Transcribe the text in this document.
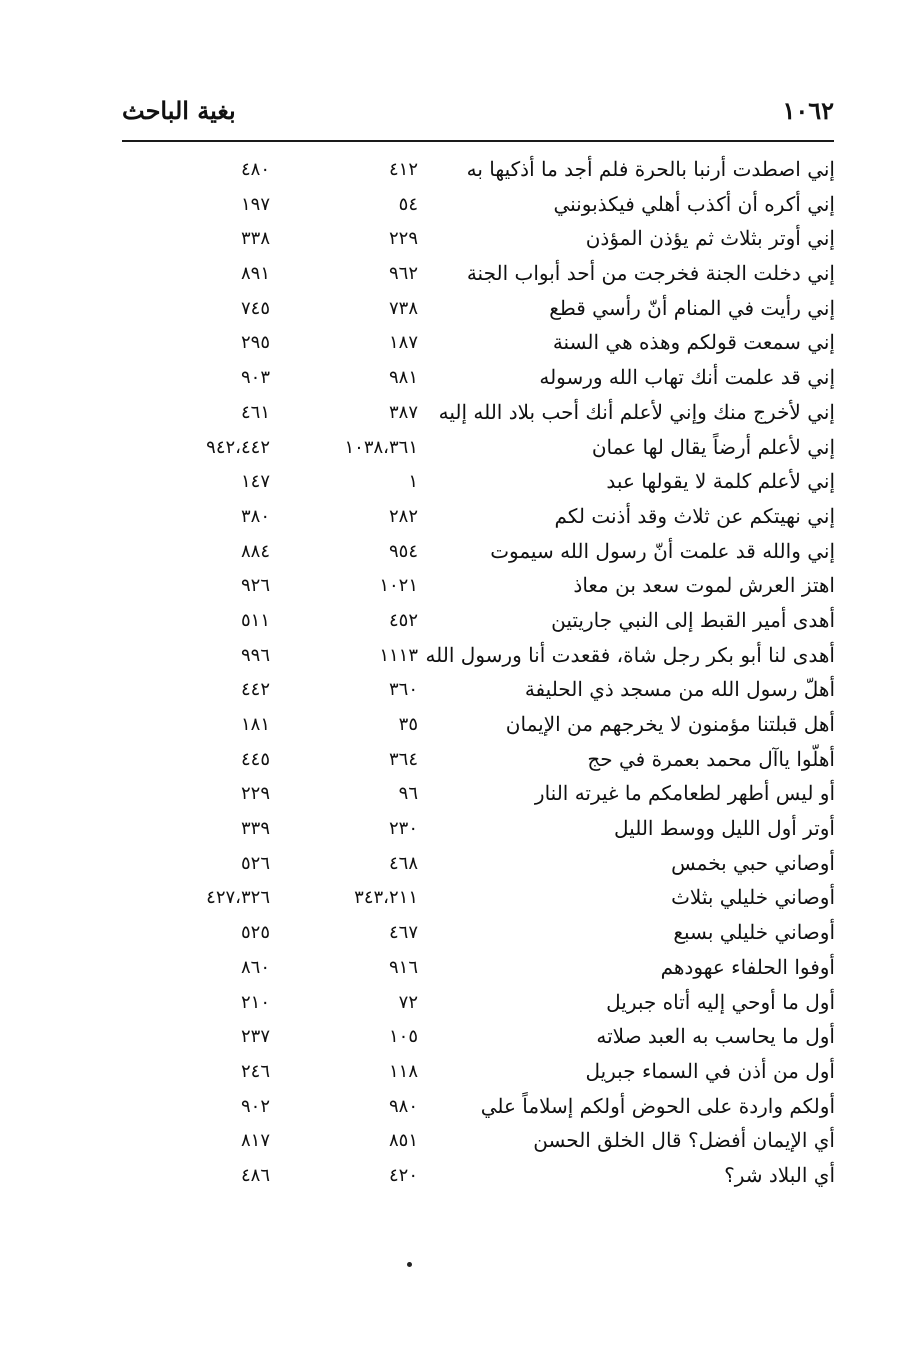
١٠٦٢
بغية الباحث
إني اصطدت أرنبا بالحرة فلم أجد ما أذكيها به
٤١٢
٤٨٠
إني أكره أن أكذب أهلي فيكذبونني
٥٤
١٩٧
إني أوتر بثلاث ثم يؤذن المؤذن
٢٢٩
٣٣٨
إني دخلت الجنة فخرجت من أحد أبواب الجنة
٩٦٢
٨٩١
إني رأيت في المنام أنّ رأسي قطع
٧٣٨
٧٤٥
إني سمعت قولكم وهذه هي السنة
١٨٧
٢٩٥
إني قد علمت أنك تهاب الله ورسوله
٩٨١
٩٠٣
إني لأخرج منك وإني لأعلم أنك أحب بلاد الله إليه
٣٨٧
٤٦١
إني لأعلم أرضاً يقال لها عمان
١٠٣٨،٣٦١
٩٤٢،٤٤٢
إني لأعلم كلمة لا يقولها عبد
١
١٤٧
إني نهيتكم عن ثلاث وقد أذنت لكم
٢٨٢
٣٨٠
إني والله قد علمت أنّ رسول الله سيموت
٩٥٤
٨٨٤
اهتز العرش لموت سعد بن معاذ
١٠٢١
٩٢٦
أهدى أمير القبط إلى النبي جاريتين
٤٥٢
٥١١
أهدى لنا أبو بكر رجل شاة، فقعدت أنا ورسول الله
١١١٣
٩٩٦
أهلّ رسول الله من مسجد ذي الحليفة
٣٦٠
٤٤٢
أهل قبلتنا مؤمنون لا يخرجهم من الإيمان
٣٥
١٨١
أهلّوا ياآل محمد بعمرة في حج
٣٦٤
٤٤٥
أو ليس أطهر لطعامكم ما غيرته النار
٩٦
٢٢٩
أوتر أول الليل ووسط الليل
٢٣٠
٣٣٩
أوصاني حبي بخمس
٤٦٨
٥٢٦
أوصاني خليلي بثلاث
٣٤٣،٢١١
٤٢٧،٣٢٦
أوصاني خليلي بسبع
٤٦٧
٥٢٥
أوفوا الحلفاء عهودهم
٩١٦
٨٦٠
أول ما أوحي إليه أتاه جبريل
٧٢
٢١٠
أول ما يحاسب به العبد صلاته
١٠٥
٢٣٧
أول من أذن في السماء جبريل
١١٨
٢٤٦
أولكم واردة على الحوض أولكم إسلاماً علي
٩٨٠
٩٠٢
أي الإيمان أفضل؟ قال الخلق الحسن
٨٥١
٨١٧
أي البلاد شر؟
٤٢٠
٤٨٦
